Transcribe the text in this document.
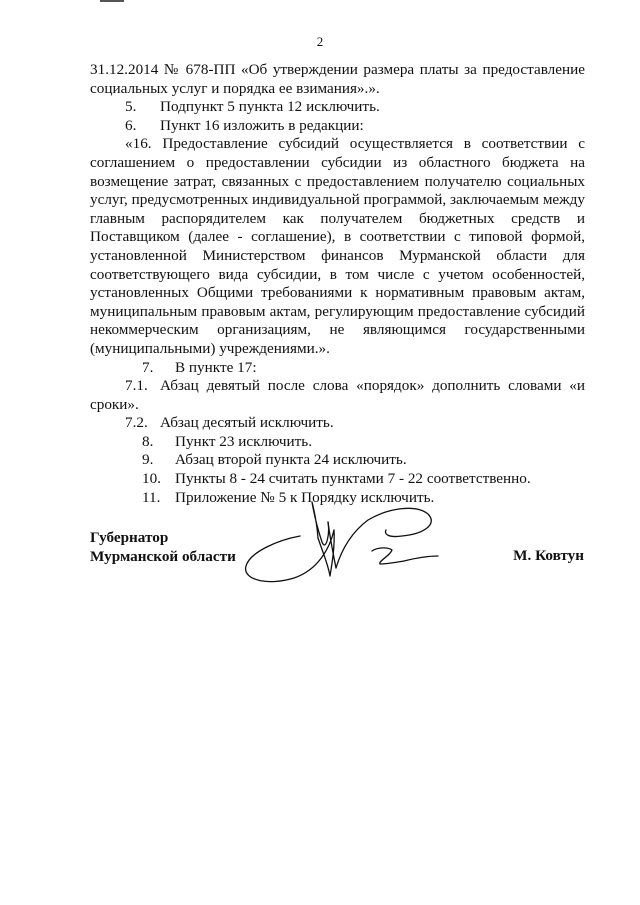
2

31.12.2014 № 678-ПП «Об утверждении размера платы за предоставление

социальных услуг и порядка ее взимания».».

5. Подпункт 5 пункта 12 исключить.

6. Пункт 16 изложить в редакции:

«16. Предоставление субсидий осуществляется в соответствии с

соглашением о предоставлении субсидии из областного бюджета на

возмещение затрат, связанных с предоставлением получателю социальных

услуг, предусмотренных индивидуальной программой, заключаемым между

главным распорядителем как получателем бюджетных средств и

Поставщиком (далее - соглашение), в соответствии с типовой формой,

установленной Министерством финансов Мурманской области для

соответствующего вида субсидии, в том числе с учетом особенностей,

установленных Общими требованиями к нормативным правовым актам,

муниципальным правовым актам, регулирующим предоставление субсидий

некоммерческим организациям, не являющимся государственными

(муниципальными) учреждениями.».

7. В пункте 17:

7.1. Абзац девятый после слова «порядок» дополнить словами «и

сроки».

7.2. Абзац десятый исключить.

8. Пункт 23 исключить.

9. Абзац второй пункта 24 исключить.

10. Пункты 8 - 24 считать пунктами 7 - 22 соответственно.

11. Приложение № 5 к Порядку исключить.

Губернатор
Мурманской области	М. Ковтун
